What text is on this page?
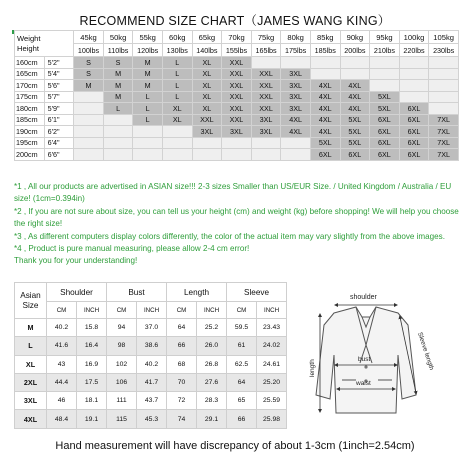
RECOMMEND SIZE CHART（JAMES WANG KING）
Weight
Height		45kg	50kg	55kg	60kg	65kg	70kg	75kg	80kg	85kg	90kg	95kg	100kg	105kg
		100lbs	110lbs	120lbs	130lbs	140lbs	155lbs	165lbs	175lbs	185lbs	200lbs	210lbs	220lbs	230lbs
160cm	5'2"	S	S	M	L	XL	XXL							
165cm	5'4"	S	M	M	L	XL	XXL	XXL	3XL					
170cm	5'6"	M	M	M	L	XL	XXL	XXL	3XL	4XL	4XL			
175cm	5'7"		M	L	L	XL	XXL	XXL	3XL	4XL	4XL	5XL		
180cm	5'9"		L	L	XL	XL	XXL	XXL	3XL	4XL	4XL	5XL	6XL	
185cm	6'1"			L	XL	XXL	XXL	3XL	4XL	4XL	5XL	6XL	6XL	7XL
190cm	6'2"					3XL	3XL	3XL	4XL	4XL	5XL	6XL	6XL	7XL
195cm	6'4"									5XL	5XL	6XL	6XL	7XL
200cm	6'6"									6XL	6XL	6XL	6XL	7XL

*1 , All our products are advertised in ASIAN size!!! 2-3 sizes Smaller than US/EUR Size. / United Kingdom / Australia / EU size! (1cm=0.394in)

*2 , If you are not sure about size, you can tell us your height (cm) and weight (kg) before shopping! We will help you choose the right size!

*3 , As different computers display colors differently, the color of the actual item may vary slightly from the above images.

*4 , Product is pure manual measuring, please allow 2-4 cm error!

Thank you for your understanding!

Asian
Size	Shoulder		Bust		Length		Sleeve	
	CM	INCH	CM	INCH	CM	INCH	CM	INCH
M	40.2	15.8	94	37.0	64	25.2	59.5	23.43
L	41.6	16.4	98	38.6	66	26.0	61	24.02
XL	43	16.9	102	40.2	68	26.8	62.5	24.61
2XL	44.4	17.5	106	41.7	70	27.6	64	25.20
3XL	46	18.1	111	43.7	72	28.3	65	25.59
4XL	48.4	19.1	115	45.3	74	29.1	66	25.98
shoulder
length	bust
waist
Sleeve length
Hand measurement will have discrepancy of about 1-3cm (1inch=2.54cm)
